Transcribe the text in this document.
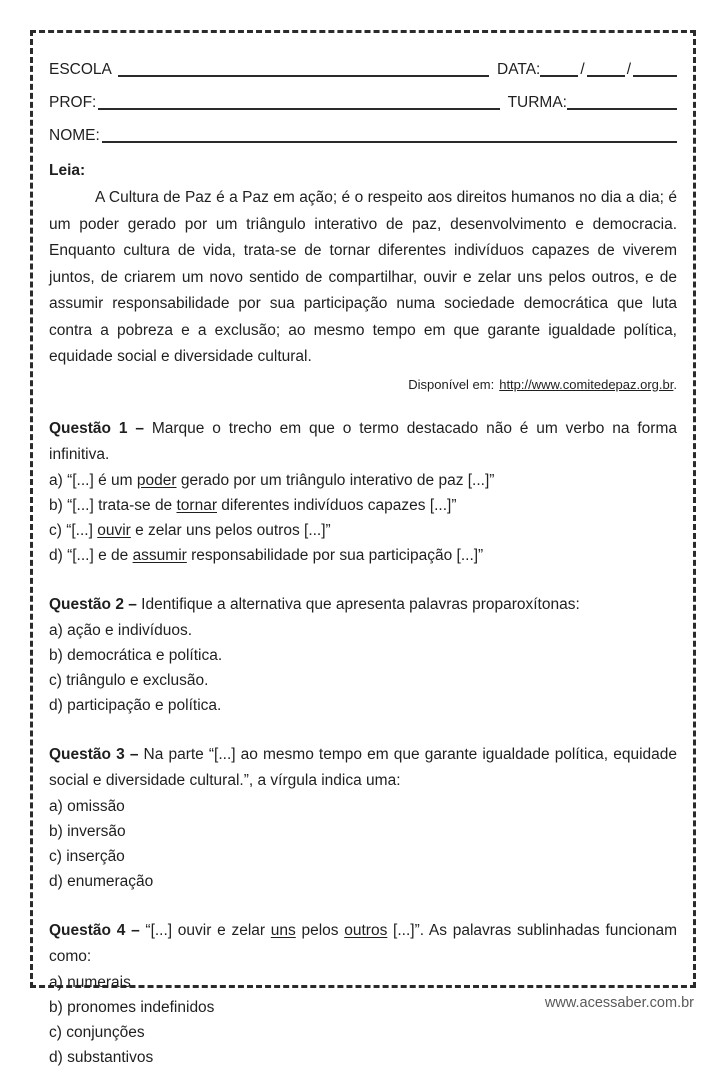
ESCOLA	DATA:	/	/
PROF:	TURMA:
NOME:
Leia:
A Cultura de Paz é a Paz em ação; é o respeito aos direitos humanos no dia a dia; é um poder gerado por um triângulo interativo de paz, desenvolvimento e democracia. Enquanto cultura de vida, trata-se de tornar diferentes indivíduos capazes de viverem juntos, de criarem um novo sentido de compartilhar, ouvir e zelar uns pelos outros, e de assumir responsabilidade por sua participação numa sociedade democrática que luta contra a pobreza e a exclusão; ao mesmo tempo em que garante igualdade política, equidade social e diversidade cultural.
Disponível em: http://www.comitedepaz.org.br.
Questão 1 – Marque o trecho em que o termo destacado não é um verbo na forma infinitiva.
a) “[...] é um poder gerado por um triângulo interativo de paz [...]”
b) “[...] trata-se de tornar diferentes indivíduos capazes [...]”
c) “[...] ouvir e zelar uns pelos outros [...]”
d) “[...] e de assumir responsabilidade por sua participação [...]”
Questão 2 – Identifique a alternativa que apresenta palavras proparoxítonas:
a) ação e indivíduos.
b) democrática e política.
c) triângulo e exclusão.
d) participação e política.
Questão 3 – Na parte “[...] ao mesmo tempo em que garante igualdade política, equidade social e diversidade cultural.”, a vírgula indica uma:
a) omissão
b) inversão
c) inserção
d) enumeração
Questão 4 – “[...] ouvir e zelar uns pelos outros [...]”. As palavras sublinhadas funcionam como:
a) numerais
b) pronomes indefinidos
c) conjunções
d) substantivos
www.acessaber.com.br
